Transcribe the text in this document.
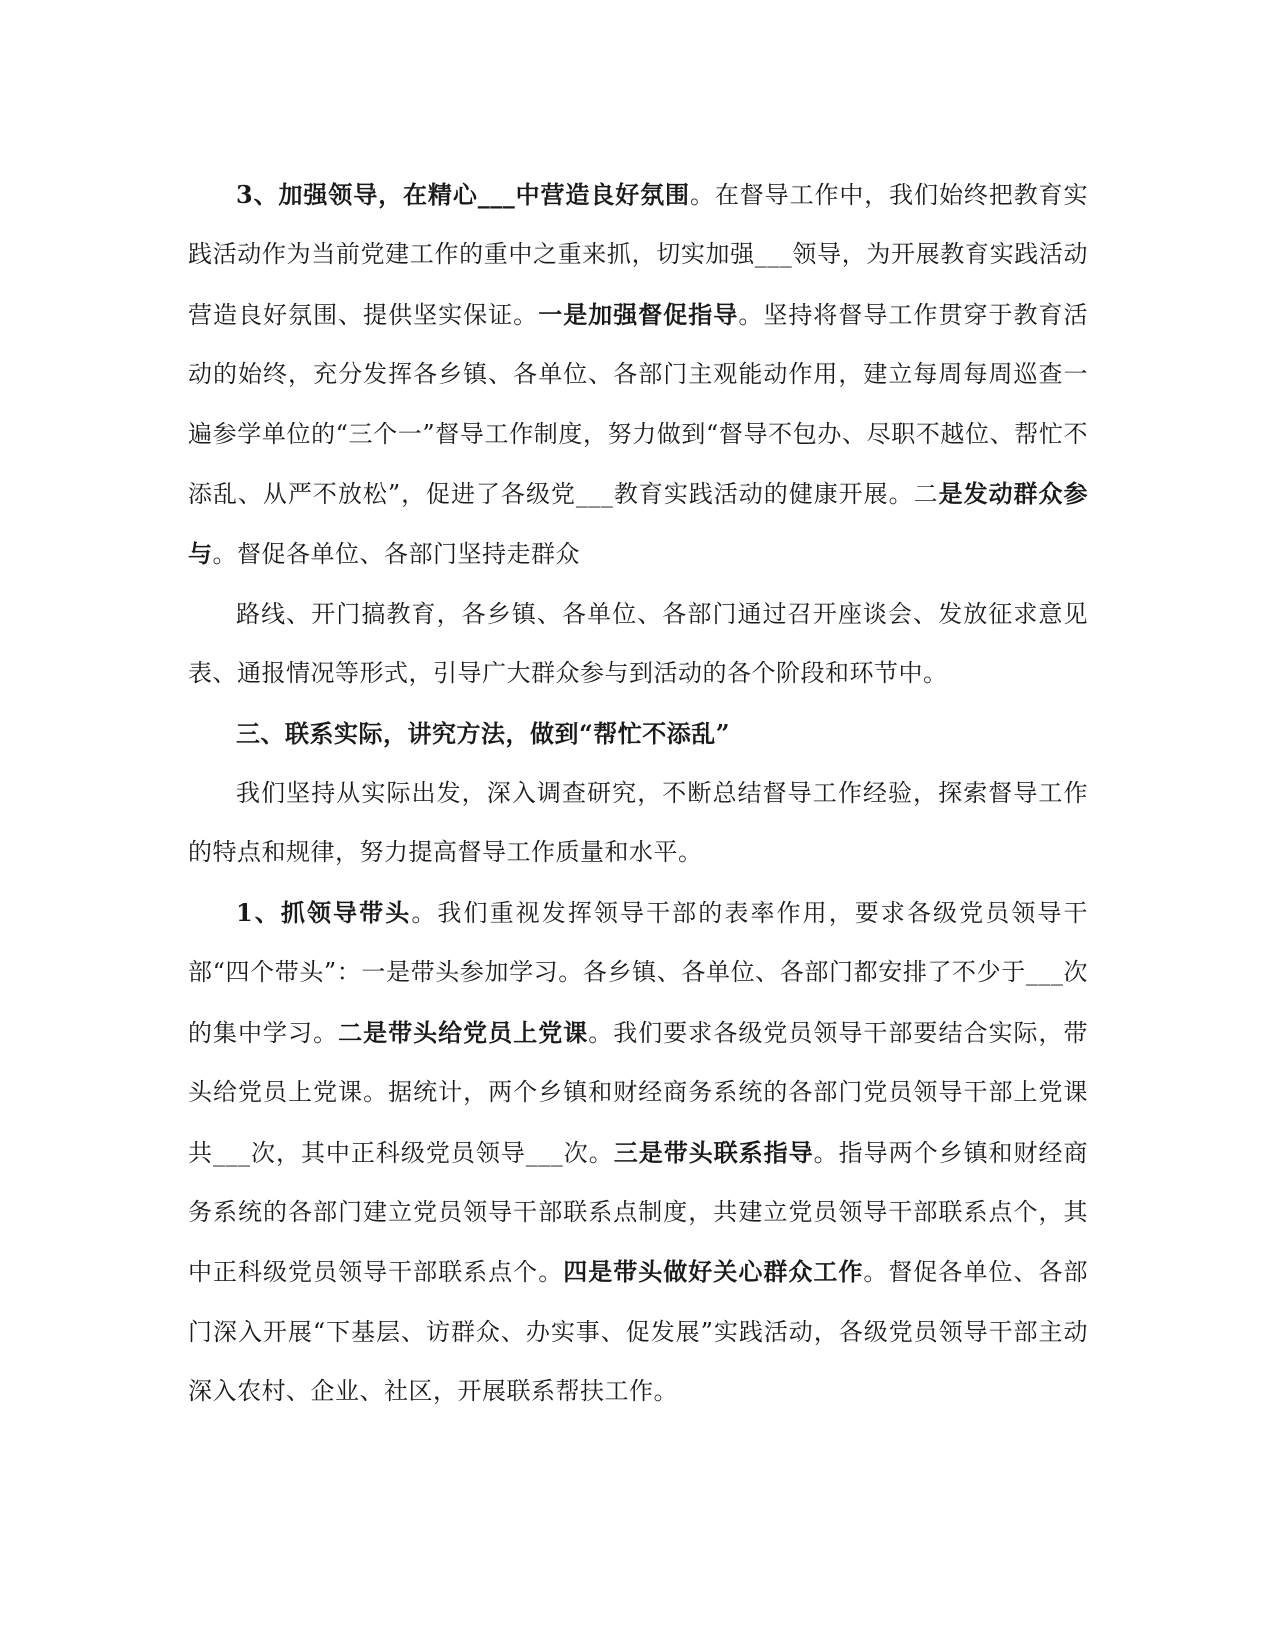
3、加强领导，在精心___中营造良好氛围。在督导工作中，我们始终把教育实践活动作为当前党建工作的重中之重来抓，切实加强___领导，为开展教育实践活动营造良好氛围、提供坚实保证。一是加强督促指导。坚持将督导工作贯穿于教育活动的始终，充分发挥各乡镇、各单位、各部门主观能动作用，建立每周每周巡查一遍参学单位的“三个一”督导工作制度，努力做到“督导不包办、尽职不越位、帮忙不添乱、从严不放松”，促进了各级党___教育实践活动的健康开展。二是发动群众参与。督促各单位、各部门坚持走群众

路线、开门搞教育，各乡镇、各单位、各部门通过召开座谈会、发放征求意见表、通报情况等形式，引导广大群众参与到活动的各个阶段和环节中。

三、联系实际，讲究方法，做到“帮忙不添乱”

我们坚持从实际出发，深入调查研究，不断总结督导工作经验，探索督导工作的特点和规律，努力提高督导工作质量和水平。

1、抓领导带头。我们重视发挥领导干部的表率作用，要求各级党员领导干部“四个带头”：一是带头参加学习。各乡镇、各单位、各部门都安排了不少于___次的集中学习。二是带头给党员上党课。我们要求各级党员领导干部要结合实际，带头给党员上党课。据统计，两个乡镇和财经商务系统的各部门党员领导干部上党课共___次，其中正科级党员领导___次。三是带头联系指导。指导两个乡镇和财经商务系统的各部门建立党员领导干部联系点制度，共建立党员领导干部联系点个，其中正科级党员领导干部联系点个。四是带头做好关心群众工作。督促各单位、各部门深入开展“下基层、访群众、办实事、促发展”实践活动，各级党员领导干部主动深入农村、企业、社区，开展联系帮扶工作。
